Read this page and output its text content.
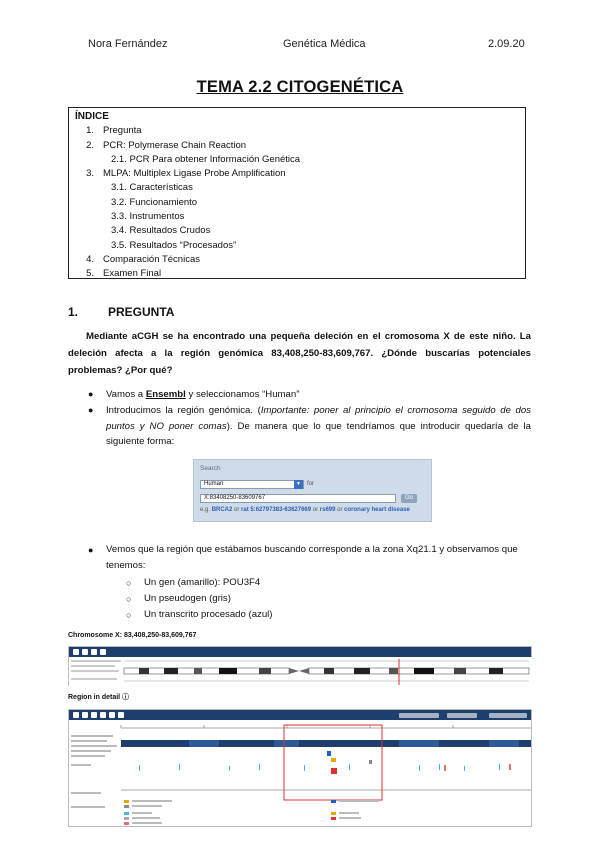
Nora Fernández	Genética Médica	2.09.20
TEMA 2.2 CITOGENÉTICA
ÍNDICE
1. Pregunta
2. PCR: Polymerase Chain Reaction
2.1. PCR Para obtener Información Genética
3. MLPA: Multiplex Ligase Probe Amplification
3.1. Características
3.2. Funcionamiento
3.3. Instrumentos
3.4. Resultados Crudos
3.5. Resultados “Procesados”
4. Comparación Técnicas
5. Examen Final
1. PREGUNTA
Mediante aCGH se ha encontrado una pequeña deleción en el cromosoma X de este niño. La deleción afecta a la región genómica 83,408,250-83,609,767. ¿Dónde buscarías potenciales problemas? ¿Por qué?
● Vamos a Ensembl y seleccionamos “Human”
● Introducimos la región genómica. (Importante: poner al principio el cromosoma seguido de dos puntos y NO poner comas). De manera que lo que tendríamos que introducir quedaría de la siguiente forma:
Search
Human	▼	for
X:83408250-83609767	Go
e.g. BRCA2 or rat 5:62797383-63627669 or rs699 or coronary heart disease
● Vemos que la región que estábamos buscando corresponde a la zona Xq21.1 y observamos que tenemos:
○ Un gen (amarillo): POU3F4
○ Un pseudogen (gris)
○ Un transcrito procesado (azul)
Chromosome X: 83,408,250-83,609,767
Region in detail ⓘ
